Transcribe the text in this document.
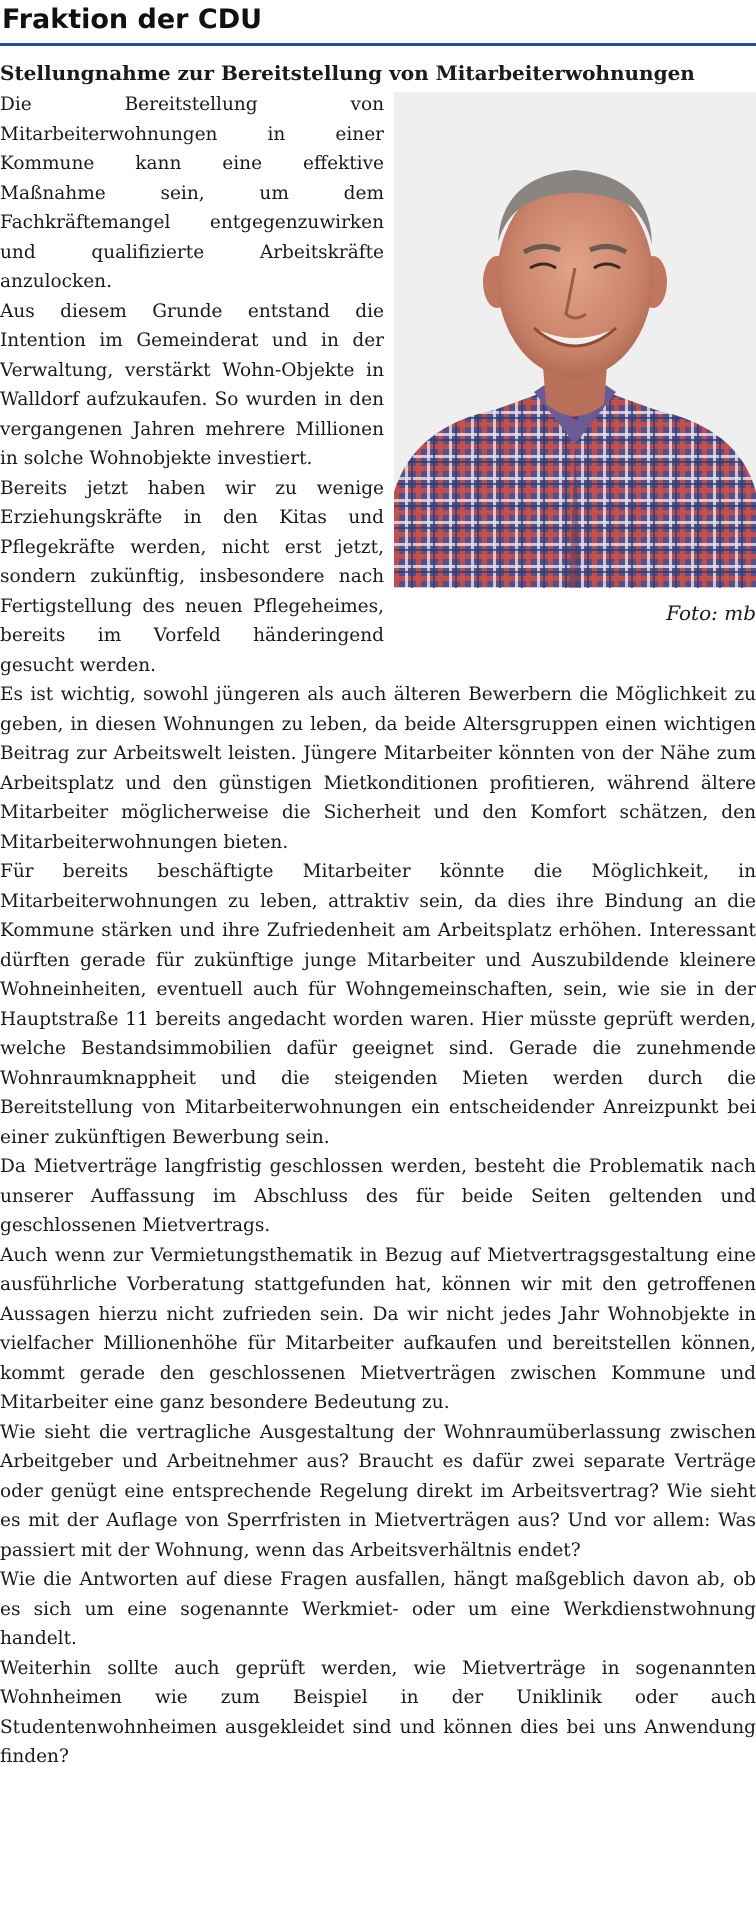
Fraktion der CDU
Stellungnahme zur Bereitstellung von Mitarbeiterwohnungen
Foto: mb

Die Bereitstellung von Mitarbeiterwohnungen in einer Kommune kann eine effektive Maßnahme sein, um dem Fachkräftemangel entgegenzuwirken und qualifizierte Arbeitskräfte anzulocken.

Aus diesem Grunde entstand die Intention im Gemeinderat und in der Verwaltung, verstärkt Wohn-Objekte in Walldorf aufzukaufen. So wurden in den vergangenen Jahren mehrere Millionen in solche Wohnobjekte investiert.

Bereits jetzt haben wir zu wenige Erziehungskräfte in den Kitas und Pflegekräfte werden, nicht erst jetzt, sondern zukünftig, insbesondere nach Fertigstellung des neuen Pflegeheimes, bereits im Vorfeld händeringend gesucht werden.

Es ist wichtig, sowohl jüngeren als auch älteren Bewerbern die Möglichkeit zu geben, in diesen Wohnungen zu leben, da beide Altersgruppen einen wichtigen Beitrag zur Arbeitswelt leisten. Jüngere Mitarbeiter könnten von der Nähe zum Arbeitsplatz und den günstigen Mietkonditionen profitieren, während ältere Mitarbeiter möglicherweise die Sicherheit und den Komfort schätzen, den Mitarbeiterwohnungen bieten.

Für bereits beschäftigte Mitarbeiter könnte die Möglichkeit, in Mitarbeiterwohnungen zu leben, attraktiv sein, da dies ihre Bindung an die Kommune stärken und ihre Zufriedenheit am Arbeitsplatz erhöhen. Interessant dürften gerade für zukünftige junge Mitarbeiter und Auszubildende kleinere Wohneinheiten, eventuell auch für Wohngemeinschaften, sein, wie sie in der Hauptstraße 11 bereits angedacht worden waren. Hier müsste geprüft werden, welche Bestandsimmobilien dafür geeignet sind. Gerade die zunehmende Wohnraumknappheit und die steigenden Mieten werden durch die Bereitstellung von Mitarbeiterwohnungen ein entscheidender Anreizpunkt bei einer zukünftigen Bewerbung sein.

Da Mietverträge langfristig geschlossen werden, besteht die Problematik nach unserer Auffassung im Abschluss des für beide Seiten geltenden und geschlossenen Mietvertrags.

Auch wenn zur Vermietungsthematik in Bezug auf Mietvertragsgestaltung eine ausführliche Vorberatung stattgefunden hat, können wir mit den getroffenen Aussagen hierzu nicht zufrieden sein. Da wir nicht jedes Jahr Wohnobjekte in vielfacher Millionenhöhe für Mitarbeiter aufkaufen und bereitstellen können, kommt gerade den geschlossenen Mietverträgen zwischen Kommune und Mitarbeiter eine ganz besondere Bedeutung zu.

Wie sieht die vertragliche Ausgestaltung der Wohnraumüberlassung zwischen Arbeitgeber und Arbeitnehmer aus? Braucht es dafür zwei separate Verträge oder genügt eine entsprechende Regelung direkt im Arbeitsvertrag? Wie sieht es mit der Auflage von Sperrfristen in Mietverträgen aus? Und vor allem: Was passiert mit der Wohnung, wenn das Arbeitsverhältnis endet?

Wie die Antworten auf diese Fragen ausfallen, hängt maßgeblich davon ab, ob es sich um eine sogenannte Werkmiet- oder um eine Werkdienstwohnung handelt.

Weiterhin sollte auch geprüft werden, wie Mietverträge in sogenannten Wohnheimen wie zum Beispiel in der Uniklinik oder auch Studentenwohnheimen ausgekleidet sind und können dies bei uns Anwendung finden?
